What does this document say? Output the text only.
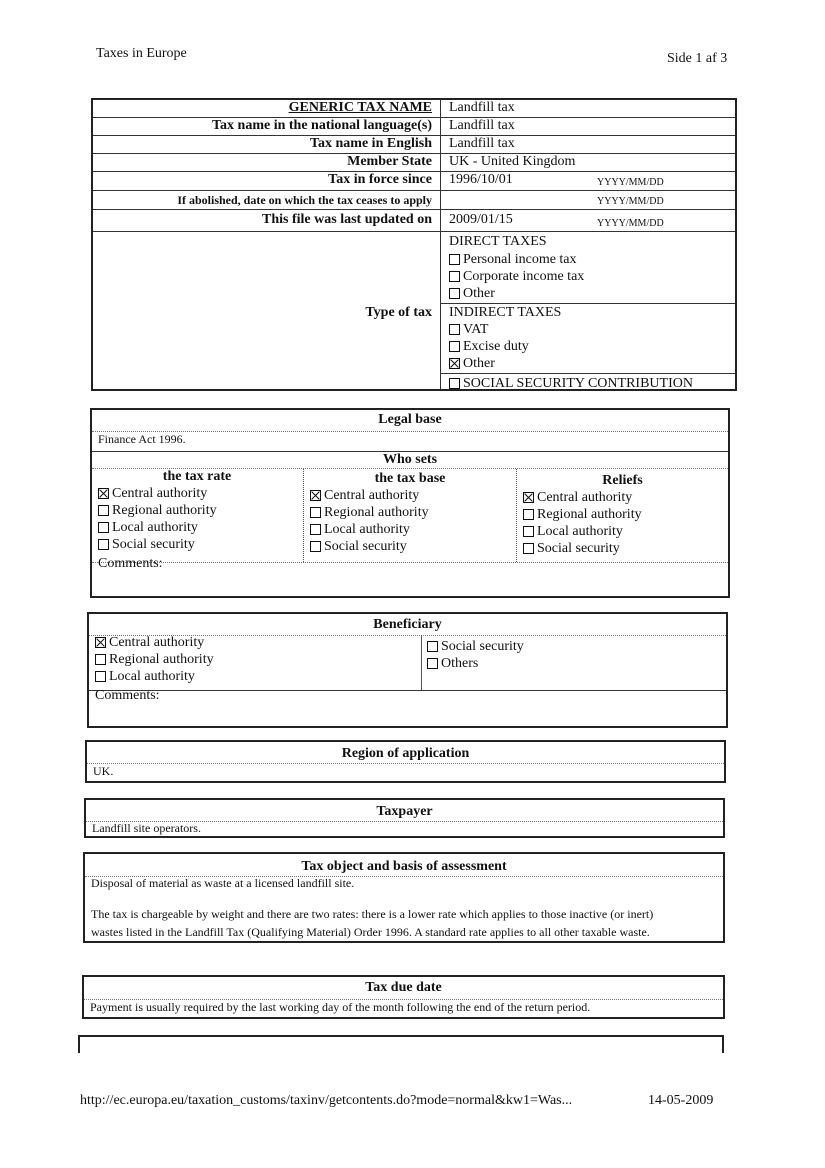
Taxes in Europe	Side 1 af 3
GENERIC TAX NAME Landfill tax
Tax name in the national language(s) Landfill tax
Tax name in English Landfill tax
Member State UK - United Kingdom
Tax in force since 1996/10/01	YYYY/MM/DD
If abolished, date on which the tax ceases to apply	YYYY/MM/DD
This file was last updated on 2009/01/15	YYYY/MM/DD
Type of tax
DIRECT TAXES
Personal income tax
Corporate income tax
Other
INDIRECT TAXES
VAT
Excise duty
Other
SOCIAL SECURITY CONTRIBUTION
Legal base
Finance Act 1996.
Who sets
the tax rate
Central authority
Regional authority
Local authority
Social security
the tax base
Central authority
Regional authority
Local authority
Social security
Reliefs
Central authority
Regional authority
Local authority
Social security
Comments:
Beneficiary
Central authority
Regional authority
Local authority
Social security
Others
Comments:
Region of application
UK.
Taxpayer
Landfill site operators.
Tax object and basis of assessment
Disposal of material as waste at a licensed landfill site.
The tax is chargeable by weight and there are two rates: there is a lower rate which applies to those inactive (or inert)
wastes listed in the Landfill Tax (Qualifying Material) Order 1996. A standard rate applies to all other taxable waste.
Tax due date
Payment is usually required by the last working day of the month following the end of the return period.
http://ec.europa.eu/taxation_customs/taxinv/getcontents.do?mode=normal&kw1=Was...	14-05-2009
